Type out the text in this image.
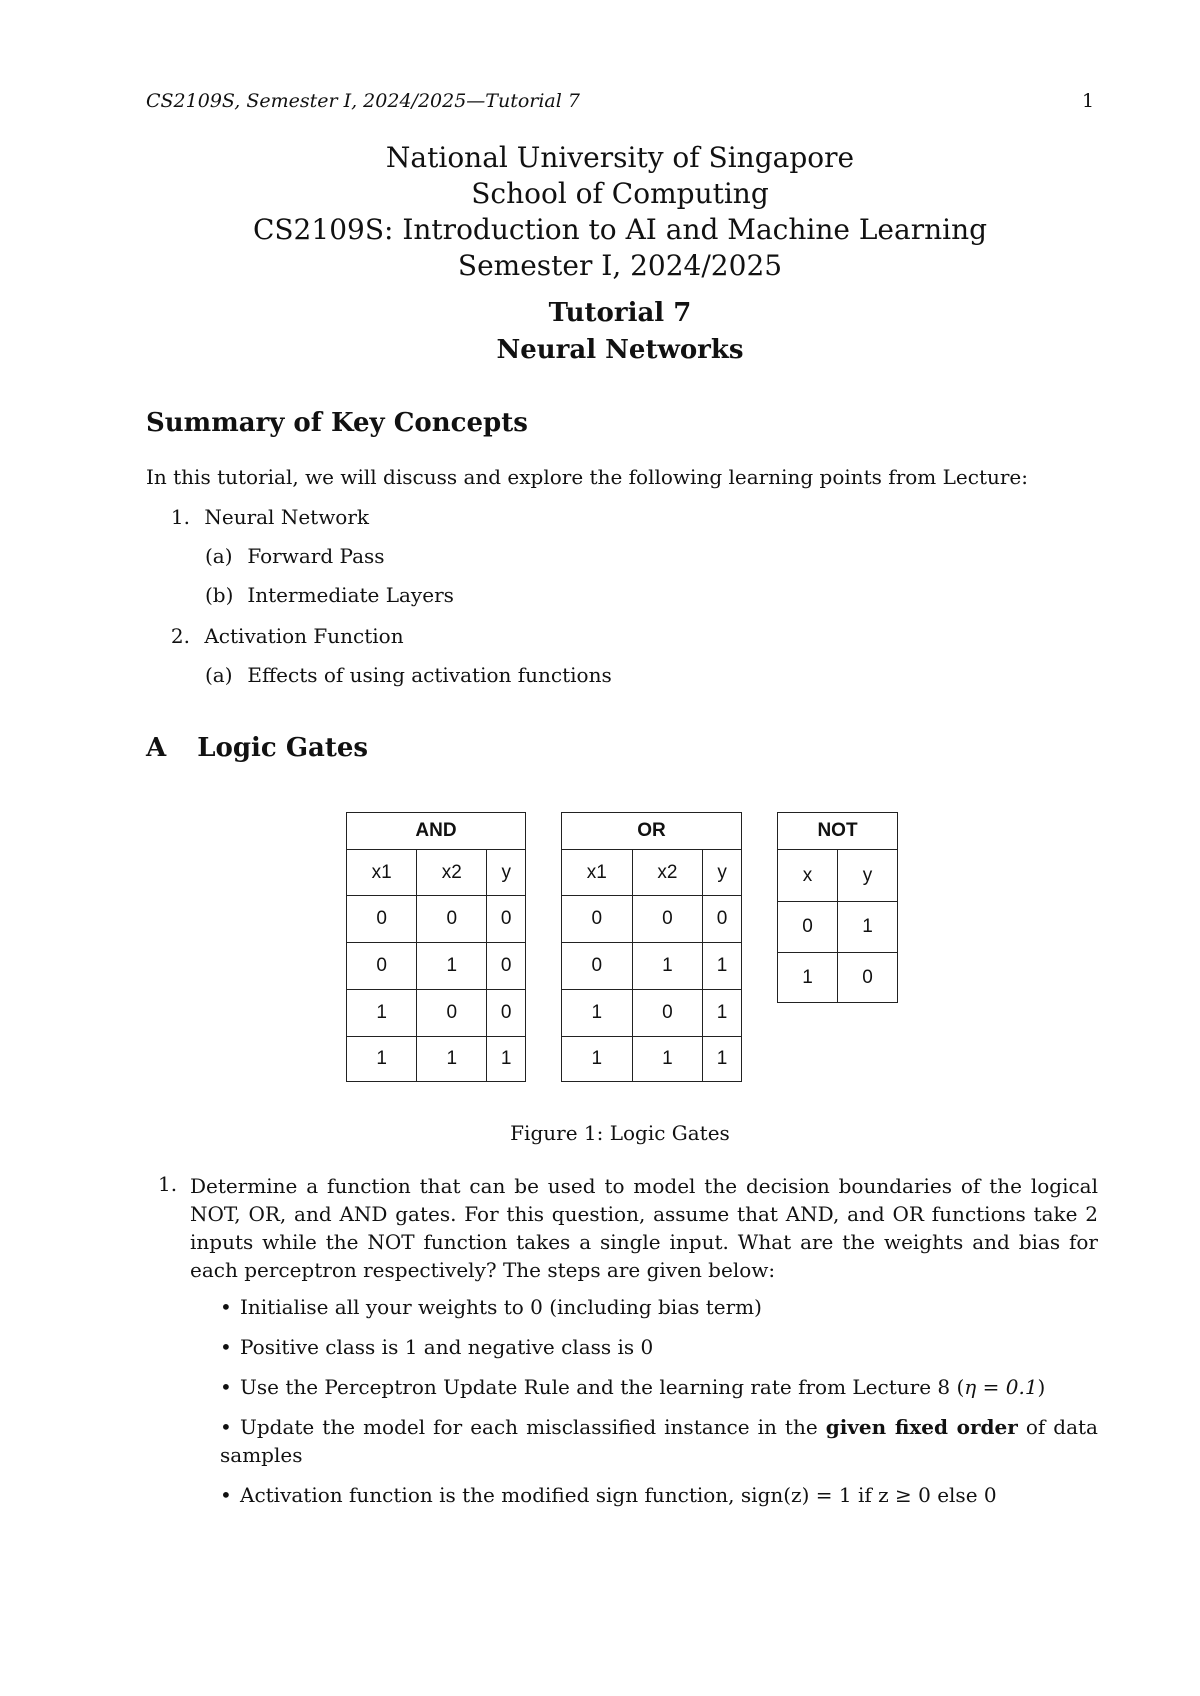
CS2109S, Semester I, 2024/2025—Tutorial 7	1
National University of Singapore
School of Computing
CS2109S: Introduction to AI and Machine Learning
Semester I, 2024/2025
Tutorial 7
Neural Networks
Summary of Key Concepts
In this tutorial, we will discuss and explore the following learning points from Lecture:
1. Neural Network
(a) Forward Pass
(b) Intermediate Layers
2. Activation Function
(a) Effects of using activation functions
A Logic Gates
AND		
x1	x2	y
0	0	0
0	1	0
1	0	0
1	1	1
OR		
x1	x2	y
0	0	0
0	1	1
1	0	1
1	1	1
NOT	
x	y
0	1
1	0
Figure 1: Logic Gates
1. Determine a function that can be used to model the decision boundaries of the logical NOT, OR, and AND gates. For this question, assume that AND, and OR functions take 2 inputs while the NOT function takes a single input. What are the weights and bias for each perceptron respectively? The steps are given below:
• Initialise all your weights to 0 (including bias term)
• Positive class is 1 and negative class is 0
• Use the Perceptron Update Rule and the learning rate from Lecture 8 (η = 0.1)
• Update the model for each misclassified instance in the given fixed order of data samples
• Activation function is the modified sign function, sign(z) = 1 if z ≥ 0 else 0
